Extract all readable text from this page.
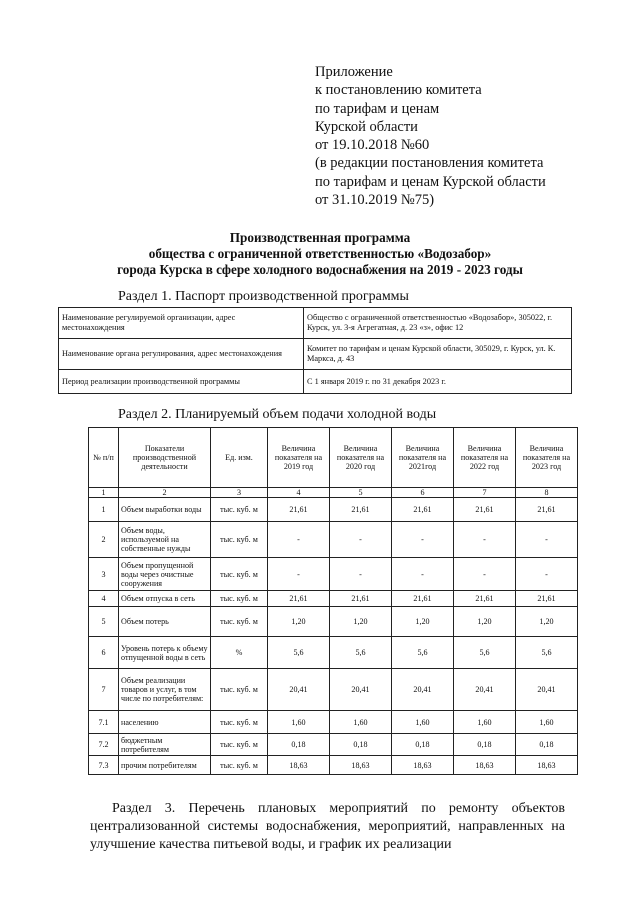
Приложение
к постановлению комитета
по тарифам и ценам
Курской области
от 19.10.2018 №60
(в редакции постановления комитета
по тарифам и ценам Курской области
от 31.10.2019 №75)
Производственная программа
общества с ограниченной ответственностью «Водозабор»
города Курска в сфере холодного водоснабжения на 2019 - 2023 годы
Раздел 1. Паспорт производственной программы
Наименование регулируемой организации, адрес местонахождения	Общество с ограниченной ответственностью «Водозабор», 305022, г. Курск, ул. 3-я Агрегатная, д. 23 «з», офис 12
Наименование органа регулирования, адрес местонахождения	Комитет по тарифам и ценам Курской области, 305029, г. Курск, ул. К. Маркса, д. 43
Период реализации производственной программы	С 1 января 2019 г. по 31 декабря 2023 г.
Раздел 2. Планируемый объем подачи холодной воды
№ п/п	Показатели производственной деятельности	Ед. изм.	Величина показателя на 2019 год	Величина показателя на 2020 год	Величина показателя на 2021год	Величина показателя на 2022 год	Величина показателя на 2023 год
1	2	3	4	5	6	7	8
1	Объем выработки воды	тыс. куб. м	21,61	21,61	21,61	21,61	21,61
2	Объем воды, используемой на собственные нужды	тыс. куб. м	-	-	-	-	-
3	Объем пропущенной воды через очистные сооружения	тыс. куб. м	-	-	-	-	-
4	Объем отпуска в сеть	тыс. куб. м	21,61	21,61	21,61	21,61	21,61
5	Объем потерь	тыс. куб. м	1,20	1,20	1,20	1,20	1,20
6	Уровень потерь к объему отпущенной воды в сеть	%	5,6	5,6	5,6	5,6	5,6
7	Объем реализации товаров и услуг, в том числе по потребителям:	тыс. куб. м	20,41	20,41	20,41	20,41	20,41
7.1	населению	тыс. куб. м	1,60	1,60	1,60	1,60	1,60
7.2	бюджетным потребителям	тыс. куб. м	0,18	0,18	0,18	0,18	0,18
7.3	прочим потребителям	тыс. куб. м	18,63	18,63	18,63	18,63	18,63
Раздел 3. Перечень плановых мероприятий по ремонту объектов централизованной системы водоснабжения, мероприятий, направленных на улучшение качества питьевой воды, и график их реализации
